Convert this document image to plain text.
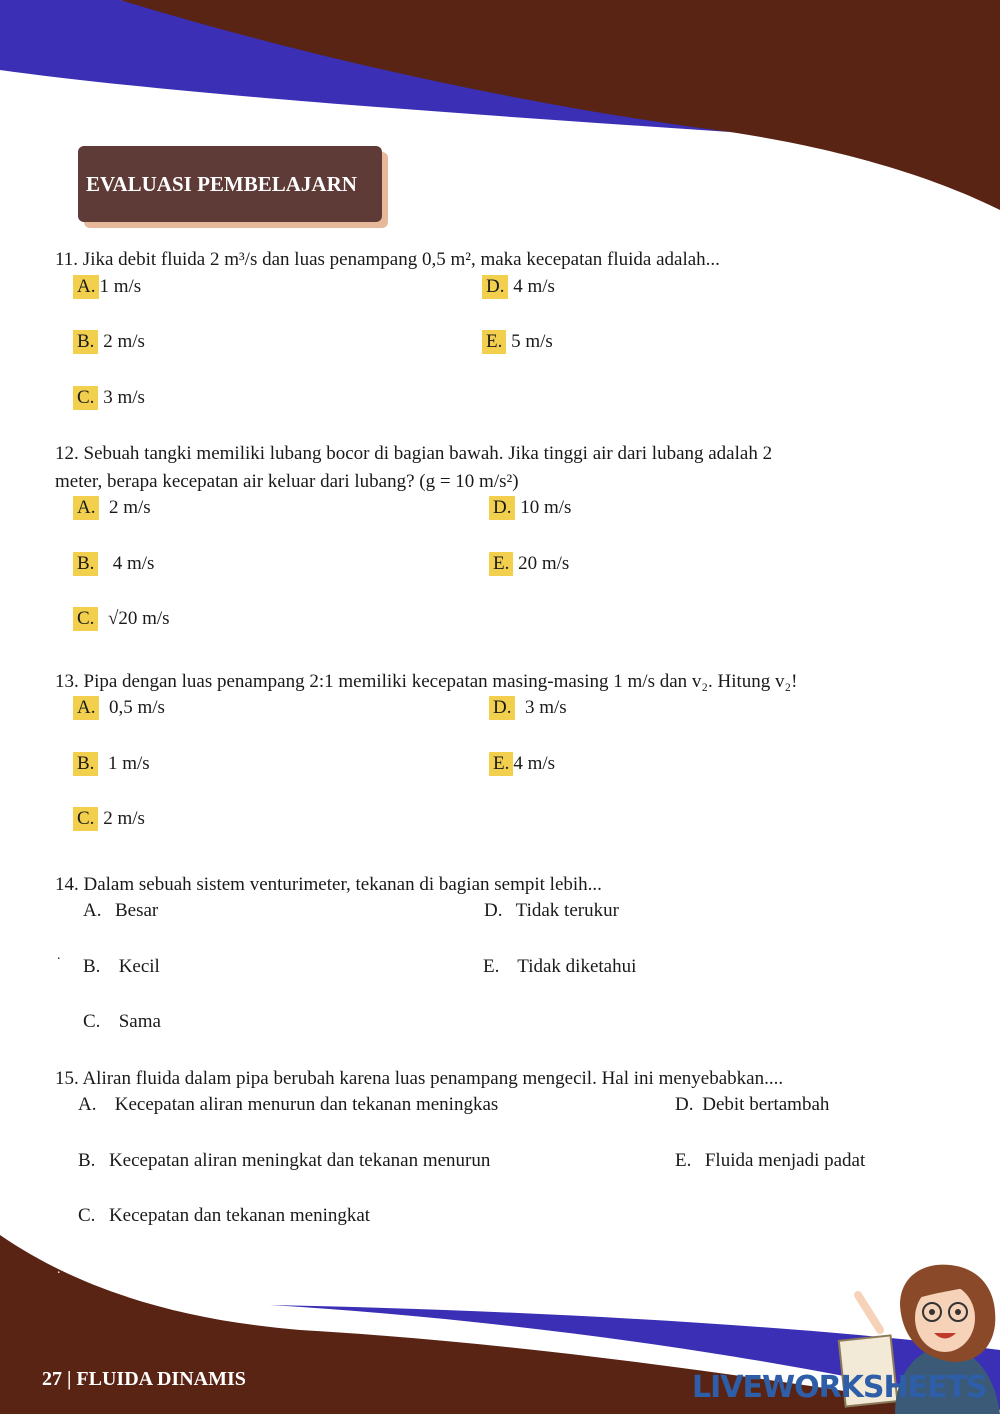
EVALUASI PEMBELAJARN
11. Jika debit fluida 2 m³/s dan luas penampang 0,5 m², maka kecepatan fluida adalah...
A. 1 m/s
B. 2 m/s
C. 3 m/s
D. 4 m/s
E. 5 m/s
12. Sebuah tangki memiliki lubang bocor di bagian bawah. Jika tinggi air dari lubang adalah 2
meter, berapa kecepatan air keluar dari lubang? (g = 10 m/s²)
A. 2 m/s
B. 4 m/s
C. √20 m/s
D. 10 m/s
E. 20 m/s
13. Pipa dengan luas penampang 2:1 memiliki kecepatan masing-masing 1 m/s dan v₂. Hitung v₂!
A. 0,5 m/s
B. 1 m/s
C. 2 m/s
D. 3 m/s
E. 4 m/s
14. Dalam sebuah sistem venturimeter, tekanan di bagian sempit lebih...
A. Besar
B. Kecil
C. Sama
D. Tidak terukur
E. Tidak diketahui
15. Aliran fluida dalam pipa berubah karena luas penampang mengecil. Hal ini menyebabkan....
A. Kecepatan aliran menurun dan tekanan meningkas
B. Kecepatan aliran meningkat dan tekanan menurun
C. Kecepatan dan tekanan meningkat
D. Debit bertambah
E. Fluida menjadi padat
.
.
27 | FLUIDA DINAMIS	LIVEWORKSHEETS
